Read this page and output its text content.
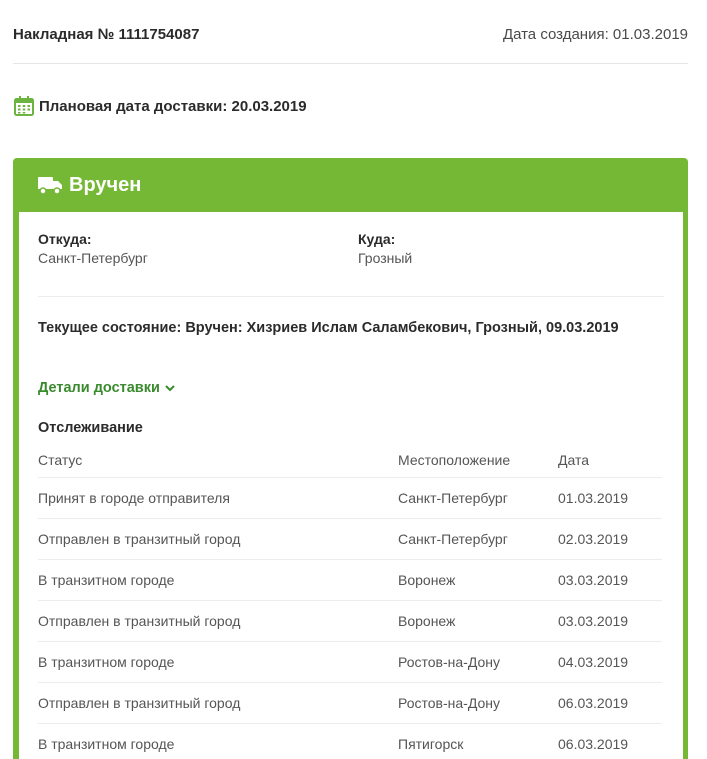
Накладная № 1111754087	Дата создания: 01.03.2019
Плановая дата доставки: 20.03.2019
Вручен
Откуда:
Санкт-Петербург
Куда:
Грозный
Текущее состояние: Вручен: Хизриев Ислам Саламбекович, Грозный, 09.03.2019
Детали доставки
Отслеживание
Статус	Местоположение	Дата
Принят в городе отправителя	Санкт-Петербург	01.03.2019
Отправлен в транзитный город	Санкт-Петербург	02.03.2019
В транзитном городе	Воронеж	03.03.2019
Отправлен в транзитный город	Воронеж	03.03.2019
В транзитном городе	Ростов-на-Дону	04.03.2019
Отправлен в транзитный город	Ростов-на-Дону	06.03.2019
В транзитном городе	Пятигорск	06.03.2019
